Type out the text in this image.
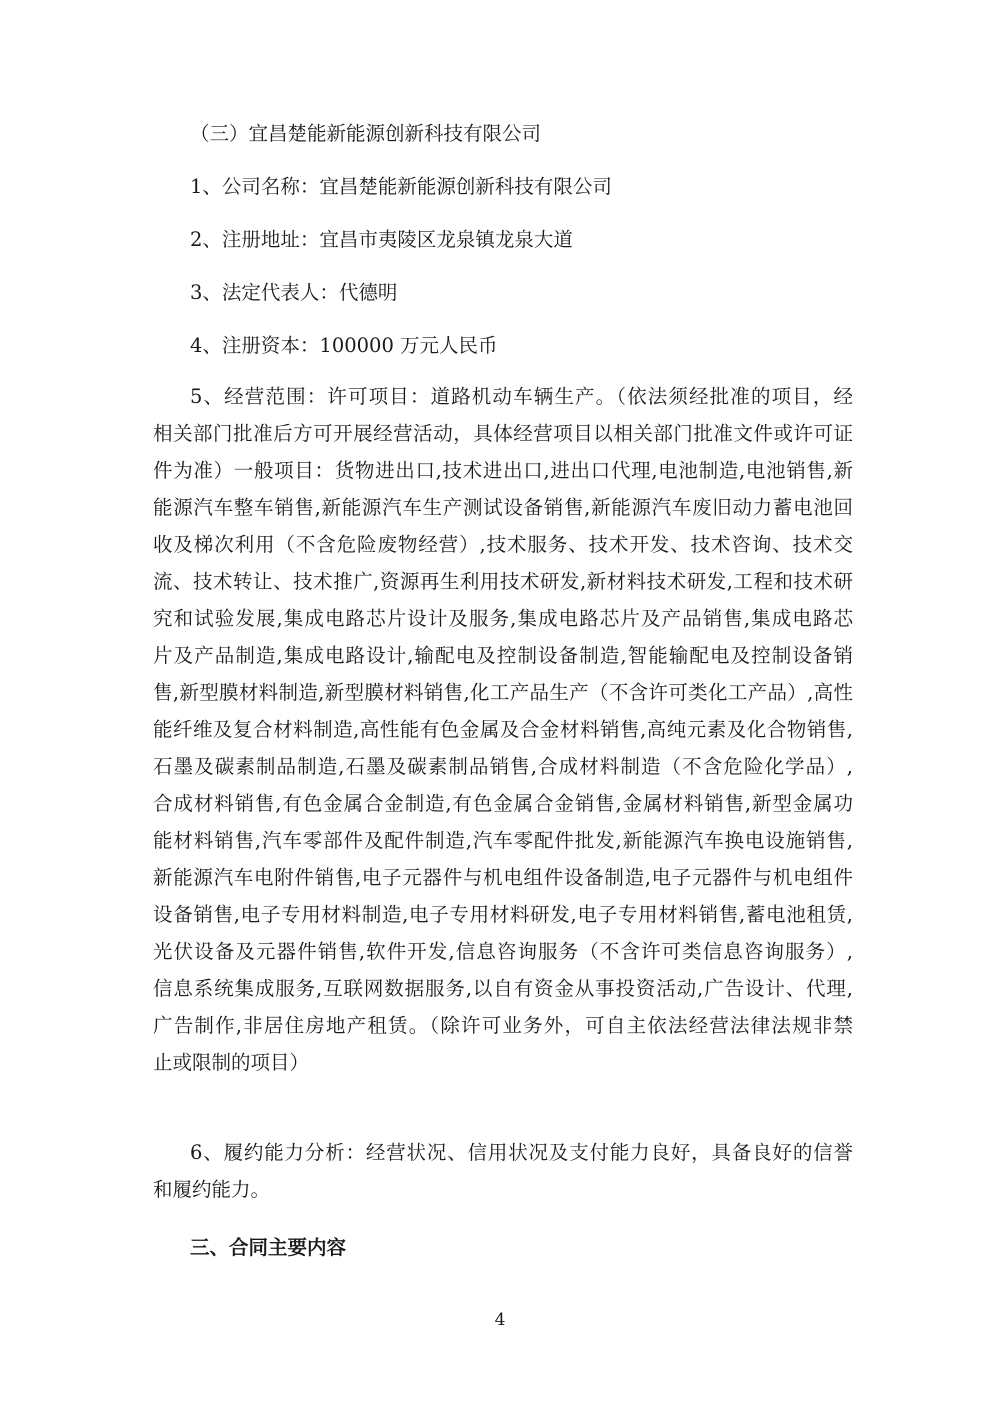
（三）宜昌楚能新能源创新科技有限公司
1、公司名称：宜昌楚能新能源创新科技有限公司
2、注册地址：宜昌市夷陵区龙泉镇龙泉大道
3、法定代表人：代德明
4、注册资本：100000 万元人民币
5、经营范围：许可项目：道路机动车辆生产。（依法须经批准的项目，经
相关部门批准后方可开展经营活动，具体经营项目以相关部门批准文件或许可证
件为准）一般项目：货物进出口,技术进出口,进出口代理,电池制造,电池销售,新
能源汽车整车销售,新能源汽车生产测试设备销售,新能源汽车废旧动力蓄电池回
收及梯次利用（不含危险废物经营）,技术服务、技术开发、技术咨询、技术交
流、技术转让、技术推广,资源再生利用技术研发,新材料技术研发,工程和技术研
究和试验发展,集成电路芯片设计及服务,集成电路芯片及产品销售,集成电路芯
片及产品制造,集成电路设计,输配电及控制设备制造,智能输配电及控制设备销
售,新型膜材料制造,新型膜材料销售,化工产品生产（不含许可类化工产品）,高性
能纤维及复合材料制造,高性能有色金属及合金材料销售,高纯元素及化合物销售,
石墨及碳素制品制造,石墨及碳素制品销售,合成材料制造（不含危险化学品）,
合成材料销售,有色金属合金制造,有色金属合金销售,金属材料销售,新型金属功
能材料销售,汽车零部件及配件制造,汽车零配件批发,新能源汽车换电设施销售,
新能源汽车电附件销售,电子元器件与机电组件设备制造,电子元器件与机电组件
设备销售,电子专用材料制造,电子专用材料研发,电子专用材料销售,蓄电池租赁,
光伏设备及元器件销售,软件开发,信息咨询服务（不含许可类信息咨询服务）,
信息系统集成服务,互联网数据服务,以自有资金从事投资活动,广告设计、代理,
广告制作,非居住房地产租赁。（除许可业务外，可自主依法经营法律法规非禁
止或限制的项目）
6、履约能力分析：经营状况、信用状况及支付能力良好，具备良好的信誉
和履约能力。
三、合同主要内容
4
